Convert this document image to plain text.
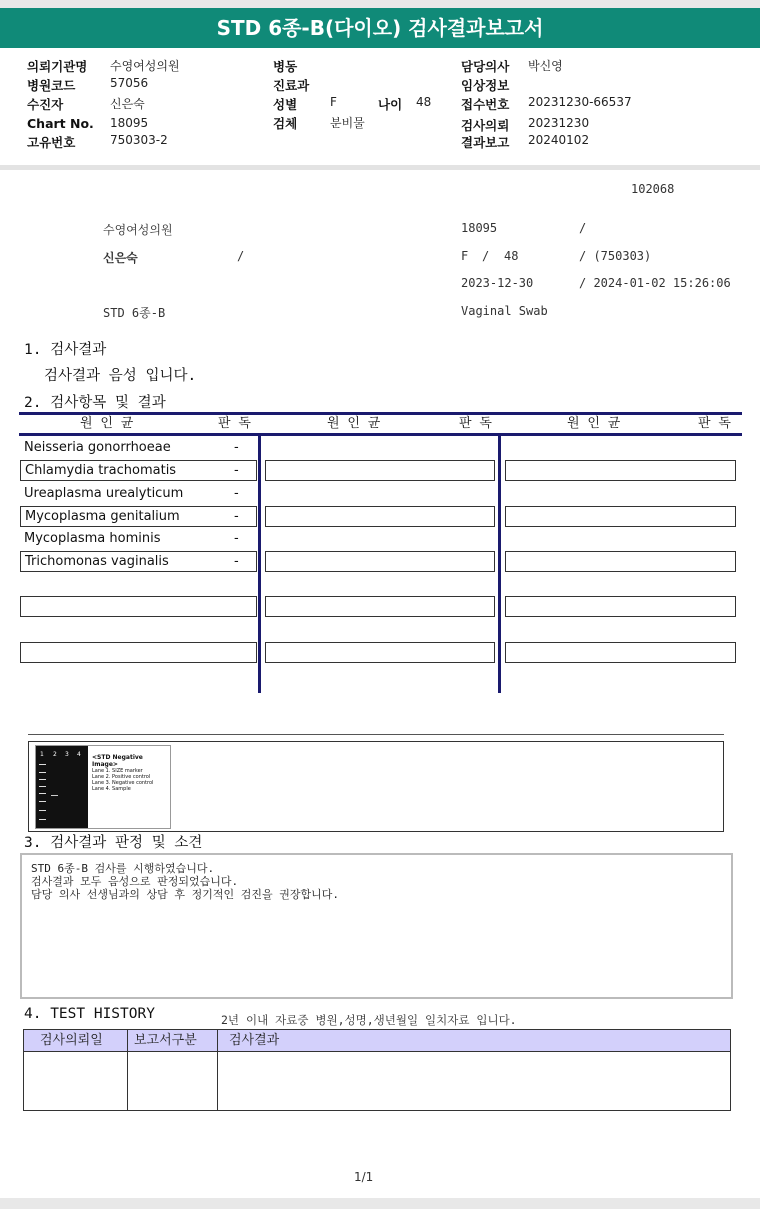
STD 6종-B(다이오) 검사결과보고서
의뢰기관명 수영여성의원
병원코드	57056
수진자	신은숙
Chart No. 18095
고유번호	750303-2
병동
진료과
성별	F	나이 48
검체	분비물
담당의사 박신영
임상정보
접수번호 20231230-66537
검사의뢰 20231230
결과보고 20240102
102068
수영여성의원	18095	/
신은숙	/	F / 48	/ (750303)
2023-12-30	/ 2024-01-02 15:26:06
STD 6종-B	Vaginal Swab
1. 검사결과
검사결과 음성 입니다.
2. 검사항목 및 결과
원 인 균	판 독	원 인 균	판 독	원 인 균	판 독
Neisseria gonorrhoeae	-
Chlamydia trachomatis	-
Ureaplasma urealyticum	-
Mycoplasma genitalium	-
Mycoplasma hominis	-
Trichomonas vaginalis	-
1 2 3 4 <STD Negative Image>
Lane 1. SIZE marker
Lane 2. Positive control
Lane 3. Negative control
Lane 4. Sample
3. 검사결과 판정 및 소견
STD 6종-B 검사를 시행하였습니다.
검사결과 모두 음성으로 판정되었습니다.
담당 의사 선생님과의 상담 후 정기적인 검진을 권장합니다.
4. TEST HISTORY	2년 이내 자료중 병원,성명,생년월일 일치자료 입니다.
검사의뢰일 보고서구분 검사결과
1/1
